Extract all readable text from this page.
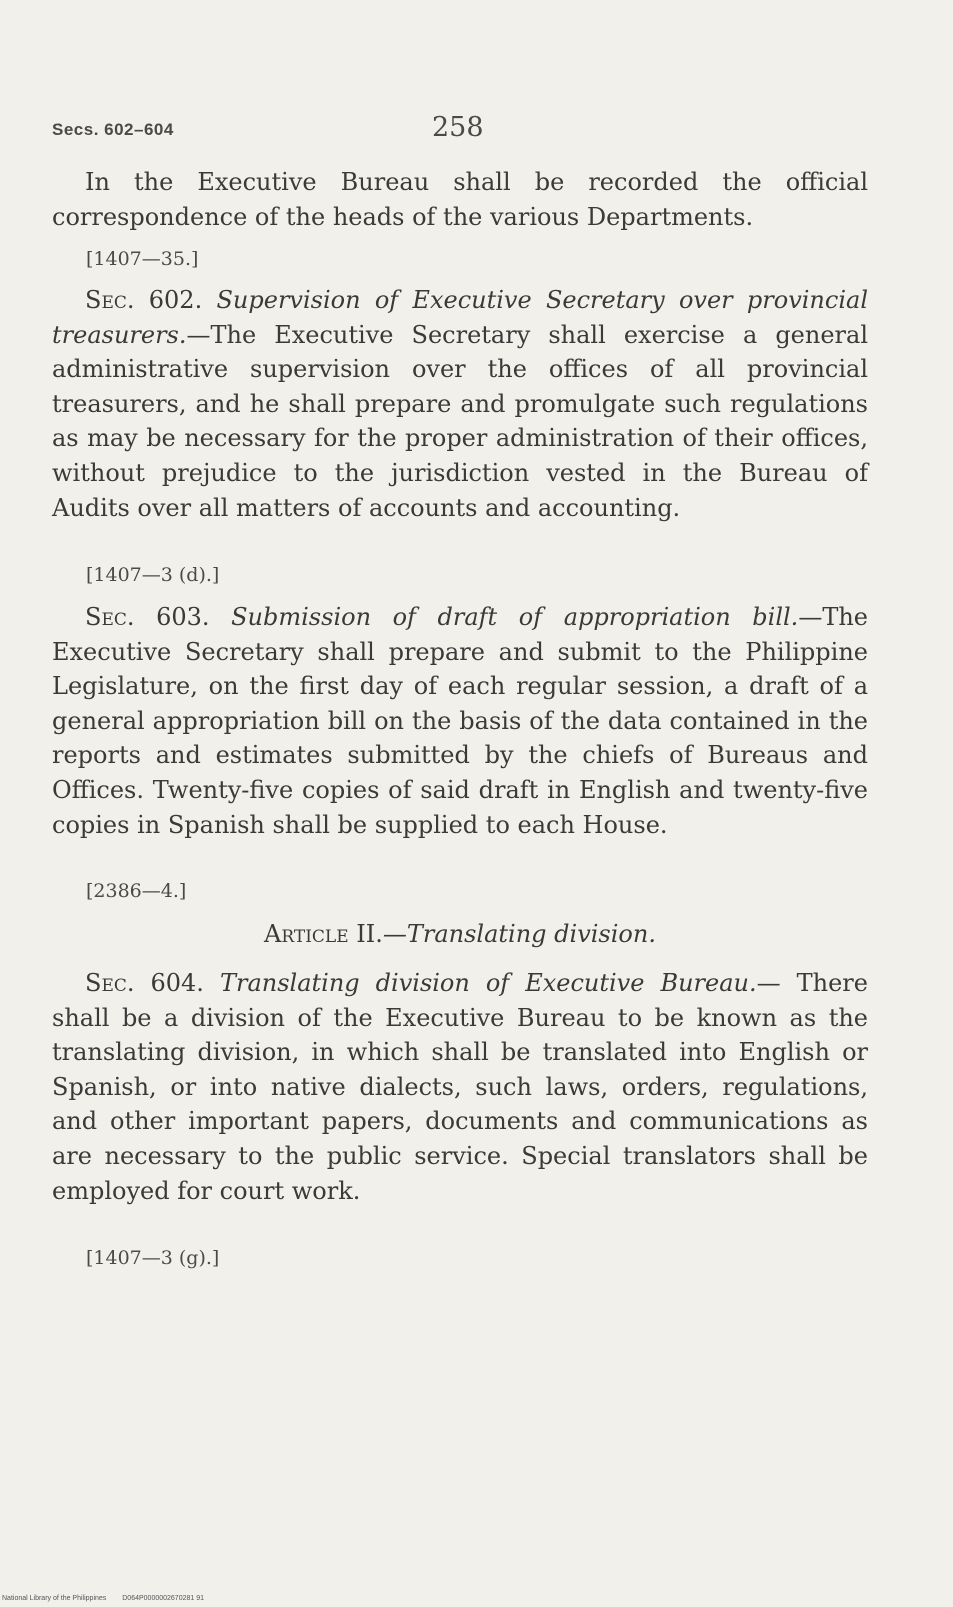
Secs. 602–604	258

In the Executive Bureau shall be recorded the official correspondence of the heads of the various Departments.

[1407—35.]

Sec. 602. Supervision of Executive Secretary over provincial treasurers.—The Executive Secretary shall exercise a general administrative supervision over the offices of all provincial treasurers, and he shall prepare and promulgate such regulations as may be necessary for the proper administration of their offices, without prejudice to the jurisdiction vested in the Bureau of Audits over all matters of accounts and accounting.

[1407—3 (d).]

Sec. 603. Submission of draft of appropriation bill.—The Executive Secretary shall prepare and submit to the Philippine Legislature, on the first day of each regular session, a draft of a general appropriation bill on the basis of the data contained in the reports and estimates submitted by the chiefs of Bureaus and Offices. Twenty-five copies of said draft in English and twenty-five copies in Spanish shall be supplied to each House.

[2386—4.]
Article II.—Translating division.

Sec. 604. Translating division of Executive Bureau.— There shall be a division of the Executive Bureau to be known as the translating division, in which shall be translated into English or Spanish, or into native dialects, such laws, orders, regulations, and other important papers, documents and communications as are necessary to the public service. Special translators shall be employed for court work.

[1407—3 (g).]
National Library of the Philippines D064P0000002670281 91
